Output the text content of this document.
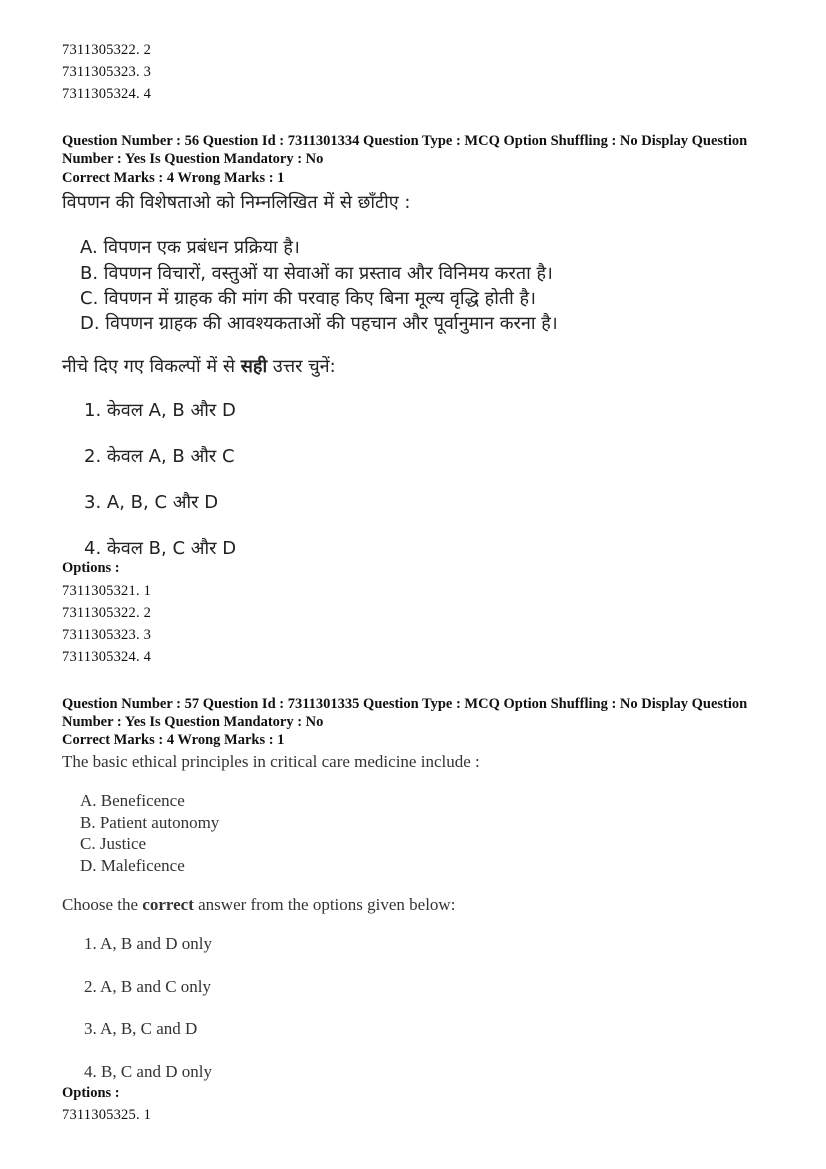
7311305322. 2
7311305323. 3
7311305324. 4
Question Number : 56 Question Id : 7311301334 Question Type : MCQ Option Shuffling : No Display Question Number : Yes Is Question Mandatory : No
Correct Marks : 4 Wrong Marks : 1
विपणन की विशेषताओ को निम्नलिखित में से छाँटीए :
A. विपणन एक प्रबंधन प्रक्रिया है।
B. विपणन विचारों, वस्तुओं या सेवाओं का प्रस्ताव और विनिमय करता है।
C. विपणन में ग्राहक की मांग की परवाह किए बिना मूल्य वृद्धि होती है।
D. विपणन ग्राहक की आवश्यकताओं की पहचान और पूर्वानुमान करना है।
नीचे दिए गए विकल्पों में से सही उत्तर चुनें:
1. केवल A, B और D
2. केवल A, B और C
3. A, B, C और D
4. केवल B, C और D
Options :
7311305321. 1
7311305322. 2
7311305323. 3
7311305324. 4
Question Number : 57 Question Id : 7311301335 Question Type : MCQ Option Shuffling : No Display Question Number : Yes Is Question Mandatory : No
Correct Marks : 4 Wrong Marks : 1
The basic ethical principles in critical care medicine include :
A. Beneficence
B. Patient autonomy
C. Justice
D. Maleficence
Choose the correct answer from the options given below:
1. A, B and D only
2. A, B and C only
3. A, B, C and D
4. B, C and D only
Options :
7311305325. 1
